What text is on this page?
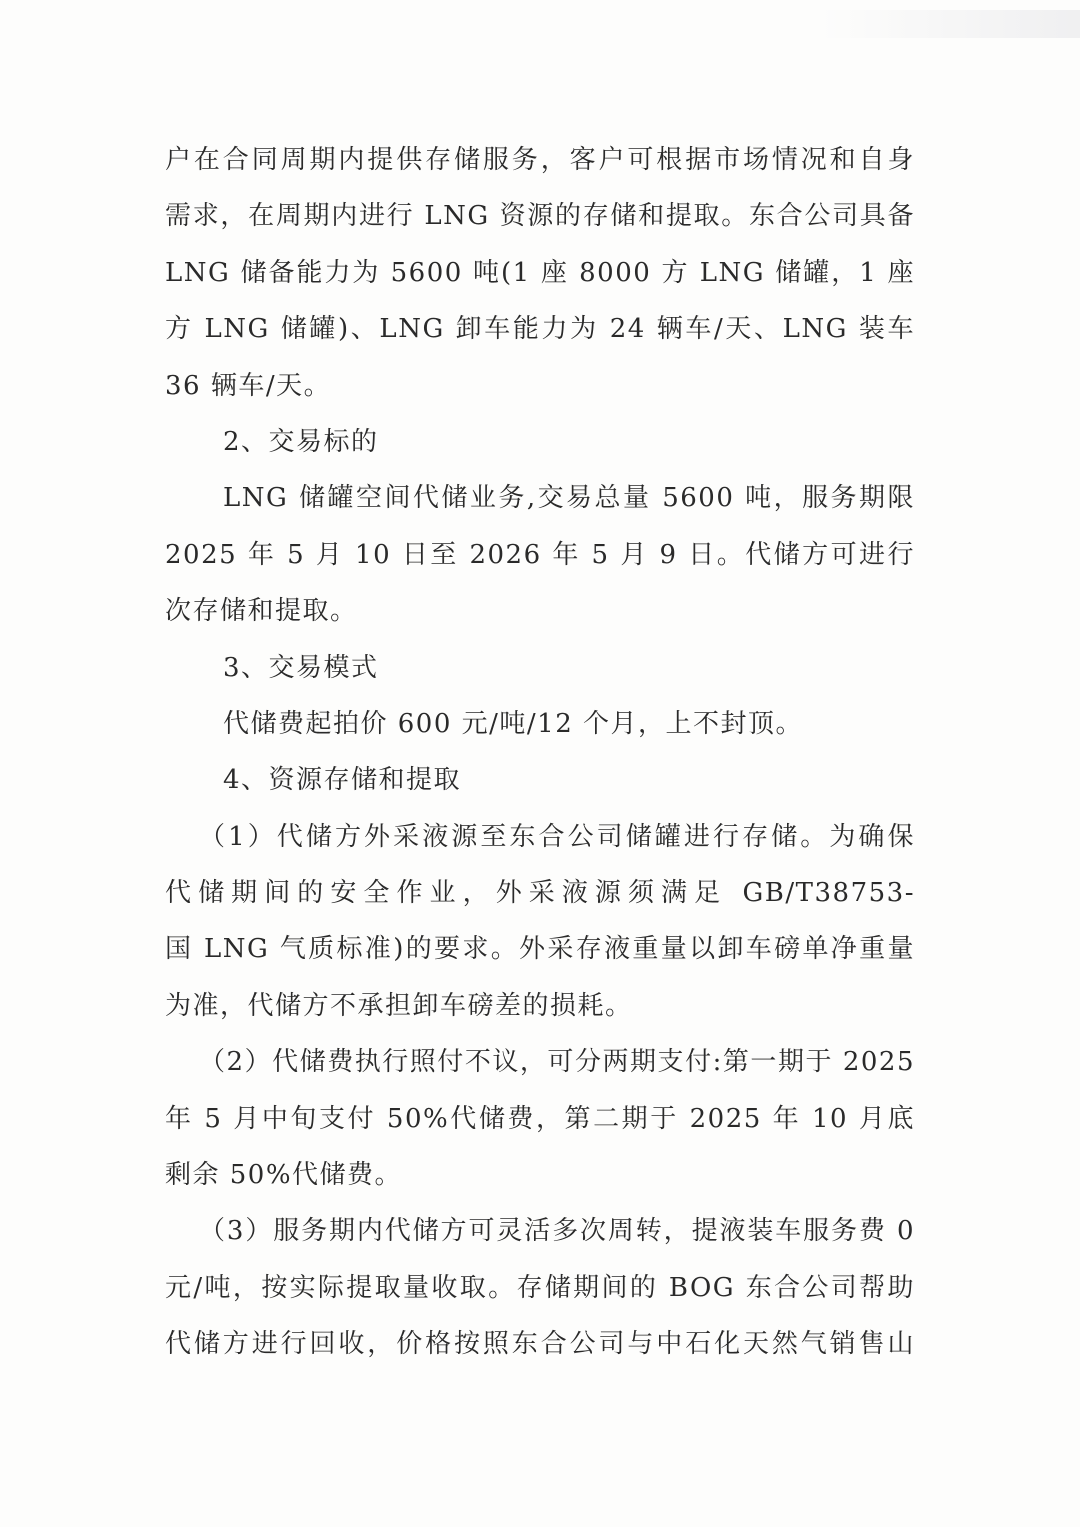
户在合同周期内提供存储服务，客户可根据市场情况和自身
需求，在周期内进行 LNG 资源的存储和提取。东合公司具备
LNG 储备能力为 5600 吨(1 座 8000 方 LNG 储罐，1 座
方 LNG 储罐)、LNG 卸车能力为 24 辆车/天、LNG 装车
36 辆车/天。
2、交易标的
LNG 储罐空间代储业务,交易总量 5600 吨，服务期限
2025 年 5 月 10 日至 2026 年 5 月 9 日。代储方可进行
次存储和提取。
3、交易模式
代储费起拍价 600 元/吨/12 个月，上不封顶。
4、资源存储和提取
（1）代储方外采液源至东合公司储罐进行存储。为确保
代储期间的安全作业，外采液源须满足 GB/T38753-
国 LNG 气质标准)的要求。外采存液重量以卸车磅单净重量
为准，代储方不承担卸车磅差的损耗。
（2）代储费执行照付不议，可分两期支付:第一期于 2025
年 5 月中旬支付 50%代储费，第二期于 2025 年 10 月底
剩余 50%代储费。
（3）服务期内代储方可灵活多次周转，提液装车服务费 0
元/吨，按实际提取量收取。存储期间的 BOG 东合公司帮助
代储方进行回收，价格按照东合公司与中石化天然气销售山
